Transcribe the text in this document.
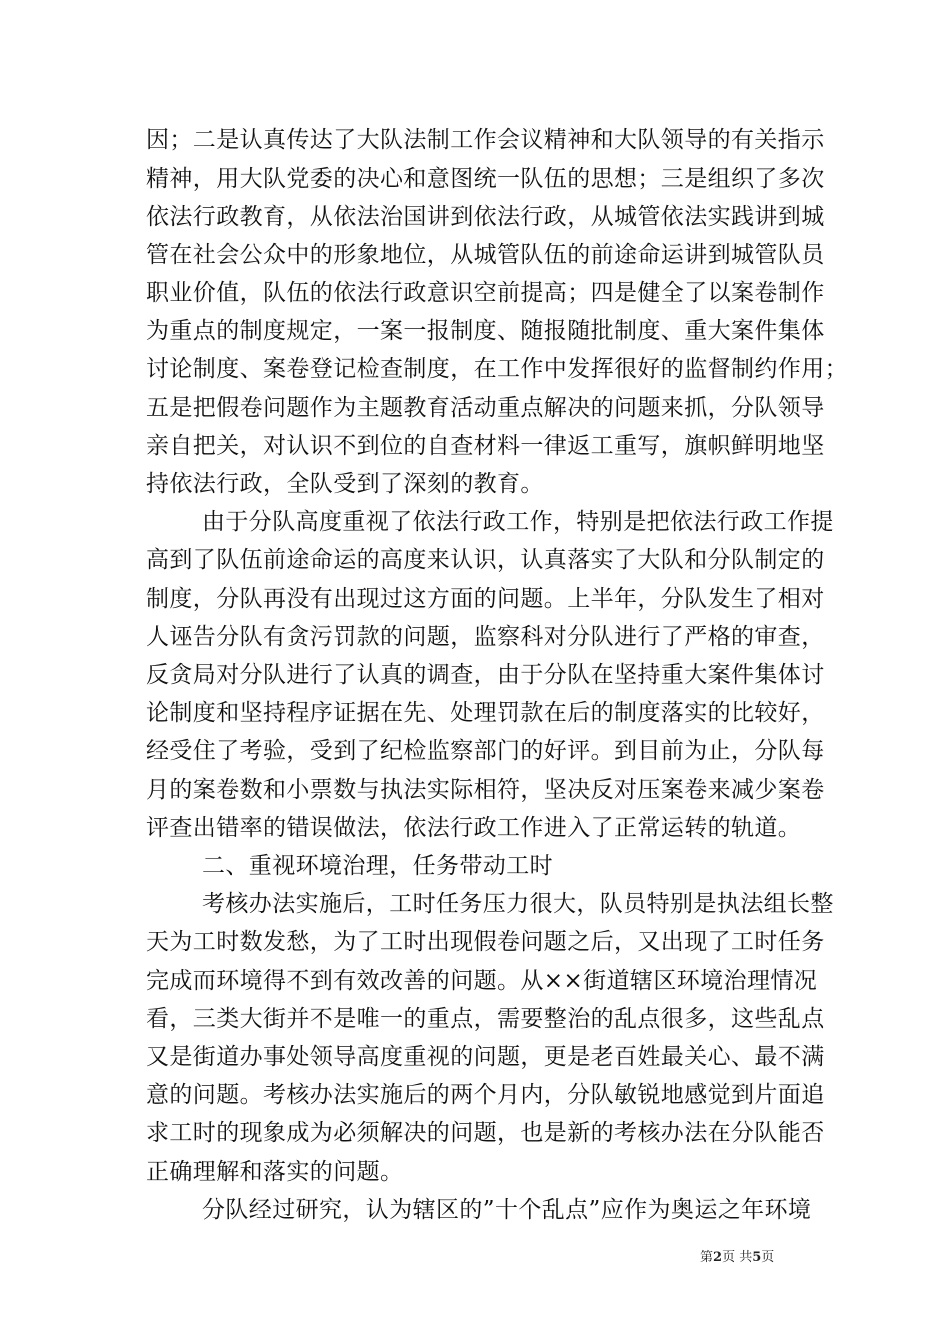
因；二是认真传达了大队法制工作会议精神和大队领导的有关指示
精神，用大队党委的决心和意图统一队伍的思想；三是组织了多次
依法行政教育，从依法治国讲到依法行政，从城管依法实践讲到城
管在社会公众中的形象地位，从城管队伍的前途命运讲到城管队员
职业价值，队伍的依法行政意识空前提高；四是健全了以案卷制作
为重点的制度规定，一案一报制度、随报随批制度、重大案件集体
讨论制度、案卷登记检查制度，在工作中发挥很好的监督制约作用；
五是把假卷问题作为主题教育活动重点解决的问题来抓，分队领导
亲自把关，对认识不到位的自查材料一律返工重写，旗帜鲜明地坚
持依法行政，全队受到了深刻的教育。
由于分队高度重视了依法行政工作，特别是把依法行政工作提
高到了队伍前途命运的高度来认识，认真落实了大队和分队制定的
制度，分队再没有出现过这方面的问题。上半年，分队发生了相对
人诬告分队有贪污罚款的问题，监察科对分队进行了严格的审查，
反贪局对分队进行了认真的调查，由于分队在坚持重大案件集体讨
论制度和坚持程序证据在先、处理罚款在后的制度落实的比较好，
经受住了考验，受到了纪检监察部门的好评。到目前为止，分队每
月的案卷数和小票数与执法实际相符，坚决反对压案卷来减少案卷
评查出错率的错误做法，依法行政工作进入了正常运转的轨道。
二、重视环境治理，任务带动工时
考核办法实施后，工时任务压力很大，队员特别是执法组长整
天为工时数发愁，为了工时出现假卷问题之后，又出现了工时任务
完成而环境得不到有效改善的问题。从××街道辖区环境治理情况
看，三类大街并不是唯一的重点，需要整治的乱点很多，这些乱点
又是街道办事处领导高度重视的问题，更是老百姓最关心、最不满
意的问题。考核办法实施后的两个月内，分队敏锐地感觉到片面追
求工时的现象成为必须解决的问题，也是新的考核办法在分队能否
正确理解和落实的问题。
分队经过研究，认为辖区的”十个乱点”应作为奥运之年环境
第2页 共5页
